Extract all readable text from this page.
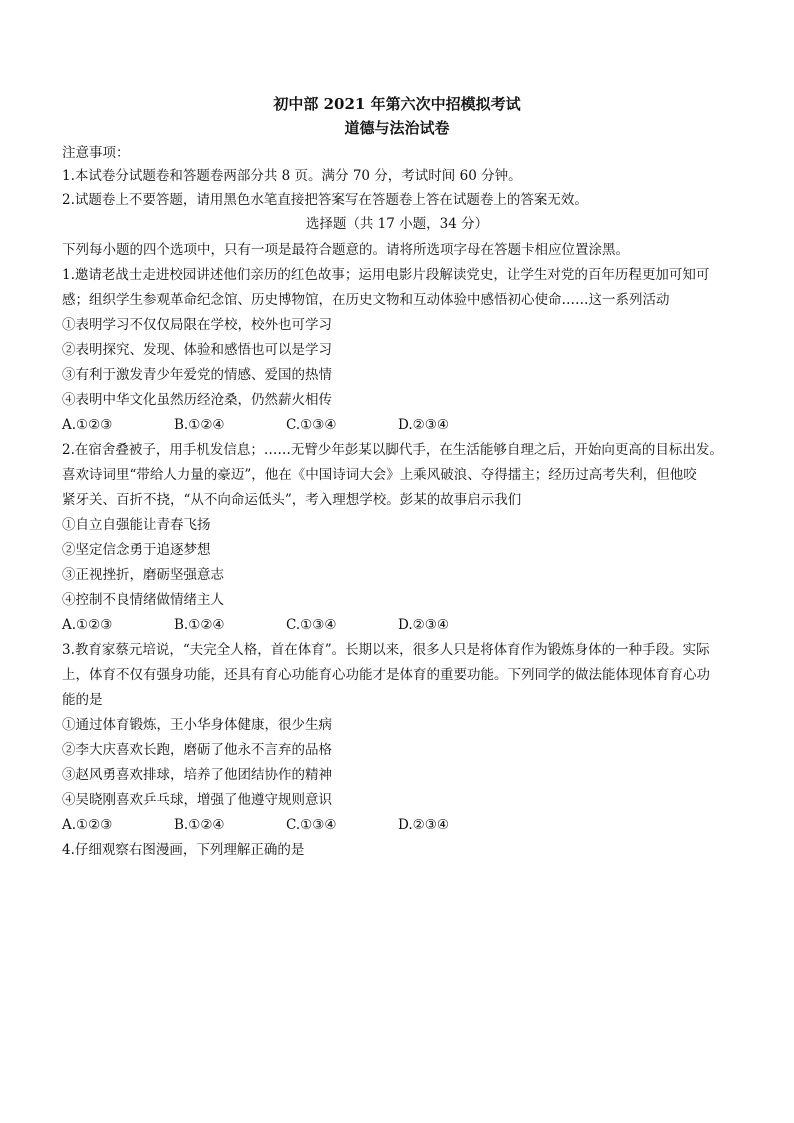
初中部 2021 年第六次中招模拟考试
道德与法治试卷
注意事项：
1.本试卷分试题卷和答题卷两部分共 8 页。满分 70 分，考试时间 60 分钟。
2.试题卷上不要答题，请用黑色水笔直接把答案写在答题卷上答在试题卷上的答案无效。
选择题（共 17 小题，34 分）
下列每小题的四个选项中，只有一项是最符合题意的。请将所选项字母在答题卡相应位置涂黑。
1.邀请老战士走进校园讲述他们亲历的红色故事；运用电影片段解读党史，让学生对党的百年历程更加可知可
感；组织学生参观革命纪念馆、历史博物馆，在历史文物和互动体验中感悟初心使命……这一系列活动
①表明学习不仅仅局限在学校，校外也可学习
②表明探究、发现、体验和感悟也可以是学习
③有利于激发青少年爱党的情感、爱国的热情
④表明中华文化虽然历经沧桑，仍然薪火相传
A.①②③	B.①②④	C.①③④	D.②③④
2.在宿舍叠被子，用手机发信息；……无臂少年彭某以脚代手，在生活能够自理之后，开始向更高的目标出发。
喜欢诗词里“带给人力量的豪迈”，他在《中国诗词大会》上乘风破浪、夺得擂主；经历过高考失利，但他咬
紧牙关、百折不挠，“从不向命运低头”，考入理想学校。彭某的故事启示我们
①自立自强能让青春飞扬
②坚定信念勇于追逐梦想
③正视挫折，磨砺坚强意志
④控制不良情绪做情绪主人
A.①②③	B.①②④	C.①③④	D.②③④
3.教育家蔡元培说，“夫完全人格，首在体育”。长期以来，很多人只是将体育作为锻炼身体的一种手段。实际
上，体育不仅有强身功能，还具有育心功能育心功能才是体育的重要功能。下列同学的做法能体现体育育心功
能的是
①通过体育锻炼，王小华身体健康，很少生病
②李大庆喜欢长跑，磨砺了他永不言弃的品格
③赵风勇喜欢排球，培养了他团结协作的精神
④吴晓刚喜欢乒乓球，增强了他遵守规则意识
A.①②③	B.①②④	C.①③④	D.②③④
4.仔细观察右图漫画，下列理解正确的是
